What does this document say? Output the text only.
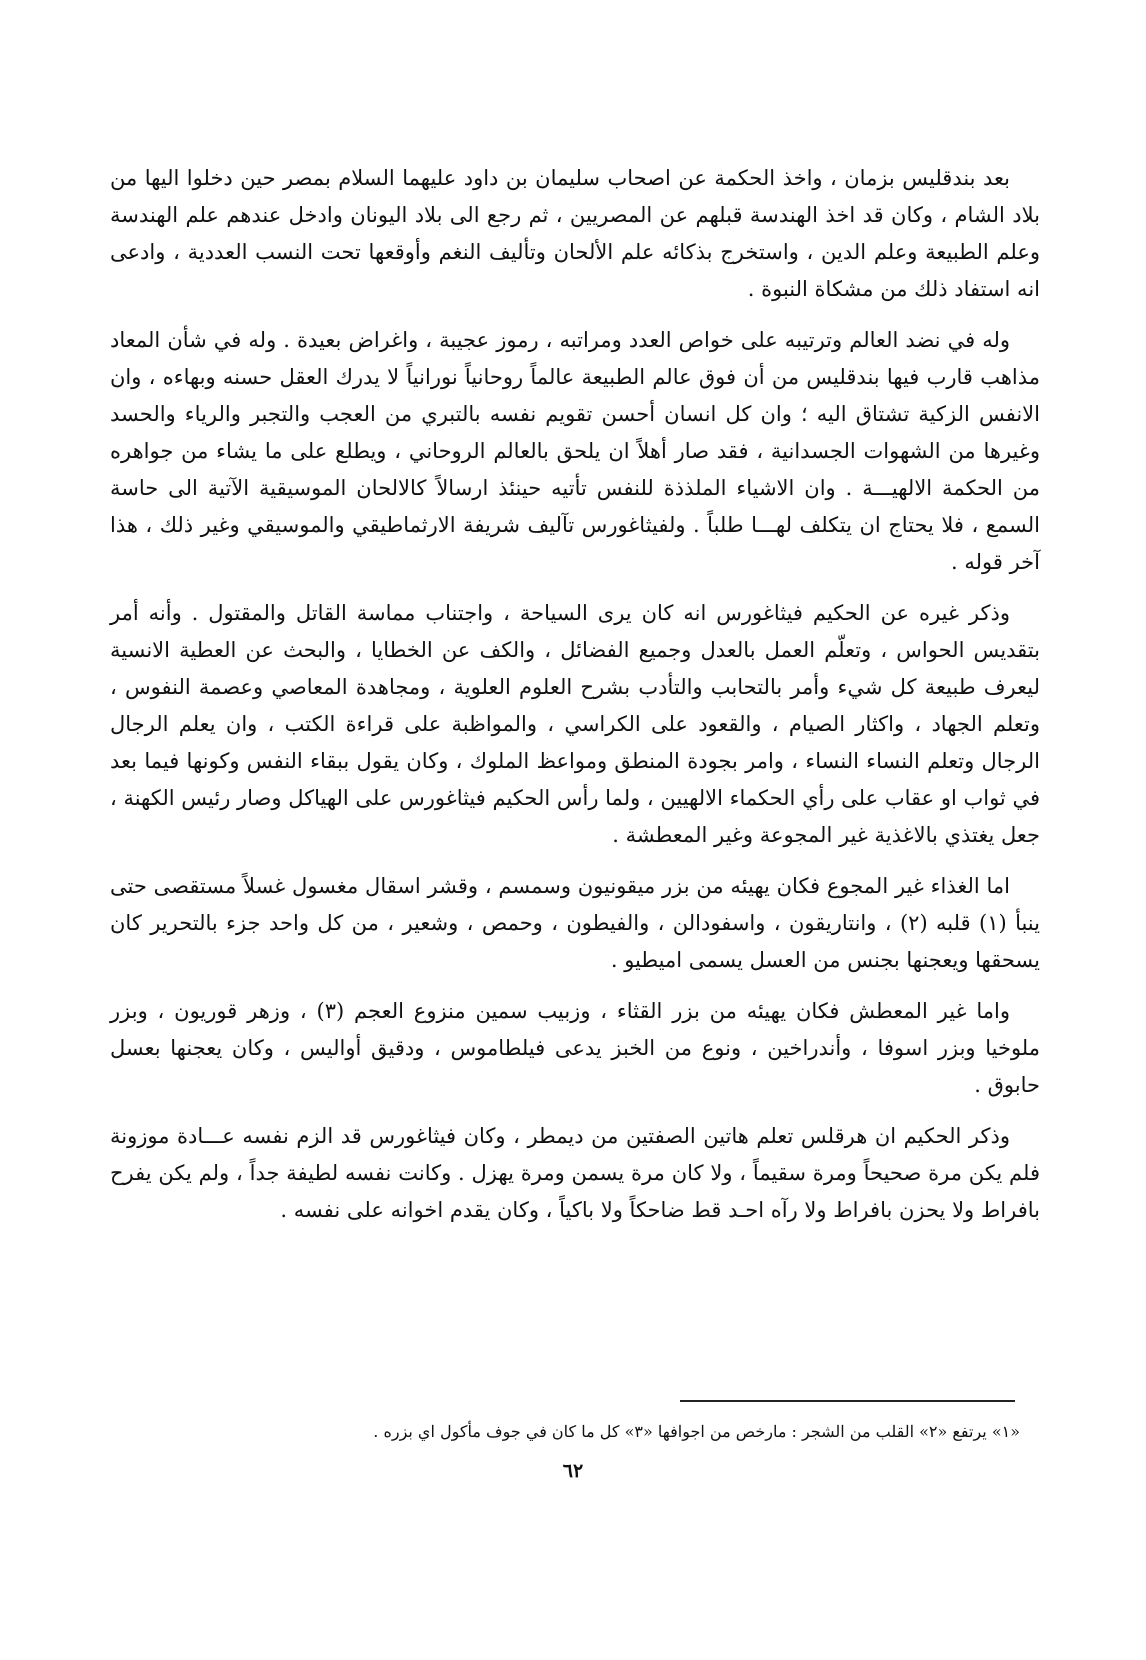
بعد بندقليس بزمان ، واخذ الحكمة عن اصحاب سليمان بن داود عليهما السلام بمصر حين دخلوا اليها من بلاد الشام ، وكان قد اخذ الهندسة قبلهم عن المصريين ، ثم رجع الى بلاد اليونان وادخل عندهم علم الهندسة وعلم الطبيعة وعلم الدين ، واستخرج بذكائه علم الألحان وتأليف النغم وأوقعها تحت النسب العددية ، وادعى انه استفاد ذلك من مشكاة النبوة .

وله في نضد العالم وترتيبه على خواص العدد ومراتبه ، رموز عجيبة ، واغراض بعيدة . وله في شأن المعاد مذاهب قارب فيها بندقليس من أن فوق عالم الطبيعة عالماً روحانياً نورانياً لا يدرك العقل حسنه وبهاءه ، وان الانفس الزكية تشتاق اليه ؛ وان كل انسان أحسن تقويم نفسه بالتبري من العجب والتجبر والرياء والحسد وغيرها من الشهوات الجسدانية ، فقد صار أهلاً ان يلحق بالعالم الروحاني ، ويطلع على ما يشاء من جواهره من الحكمة الالهيـــة . وان الاشياء الملذذة للنفس تأتيه حينئذ ارسالاً كالالحان الموسيقية الآتية الى حاسة السمع ، فلا يحتاج ان يتكلف لهـــا طلباً . ولفيثاغورس تآليف شريفة الارثماطيقي والموسيقي وغير ذلك ، هذا آخر قوله .

وذكر غيره عن الحكيم فيثاغورس انه كان يرى السياحة ، واجتناب مماسة القاتل والمقتول . وأنه أمر بتقديس الحواس ، وتعلّم العمل بالعدل وجميع الفضائل ، والكف عن الخطايا ، والبحث عن العطية الانسية ليعرف طبيعة كل شيء وأمر بالتحابب والتأدب بشرح العلوم العلوية ، ومجاهدة المعاصي وعصمة النفوس ، وتعلم الجهاد ، واكثار الصيام ، والقعود على الكراسي ، والمواظبة على قراءة الكتب ، وان يعلم الرجال الرجال وتعلم النساء النساء ، وامر بجودة المنطق ومواعظ الملوك ، وكان يقول ببقاء النفس وكونها فيما بعد في ثواب او عقاب على رأي الحكماء الالهيين ، ولما رأس الحكيم فيثاغورس على الهياكل وصار رئيس الكهنة ، جعل يغتذي بالاغذية غير المجوعة وغير المعطشة .

اما الغذاء غير المجوع فكان يهيئه من بزر ميقونيون وسمسم ، وقشر اسقال مغسول غسلاً مستقصى حتى ينبأ (١) قلبه (٢) ، وانتاريقون ، واسفودالن ، والفيطون ، وحمص ، وشعير ، من كل واحد جزء بالتحرير كان يسحقها ويعجنها بجنس من العسل يسمى اميطيو .

واما غير المعطش فكان يهيئه من بزر القثاء ، وزبيب سمين منزوع العجم (٣) ، وزهر قوريون ، وبزر ملوخيا وبزر اسوفا ، وأندراخين ، ونوع من الخبز يدعى فيلطاموس ، ودقيق أواليس ، وكان يعجنها بعسل حابوق .

وذكر الحكيم ان هرقلس تعلم هاتين الصفتين من ديمطر ، وكان فيثاغورس قد الزم نفسه عـــادة موزونة فلم يكن مرة صحيحاً ومرة سقيماً ، ولا كان مرة يسمن ومرة يهزل . وكانت نفسه لطيفة جداً ، ولم يكن يفرح بافراط ولا يحزن بافراط ولا رآه احـد قط ضاحكاً ولا باكياً ، وكان يقدم اخوانه على نفسه .

«١» يرتفع «٢» القلب من الشجر : مارخص من اجوافها «٣» كل ما كان في جوف مأكول اي بزره .
٦٢
